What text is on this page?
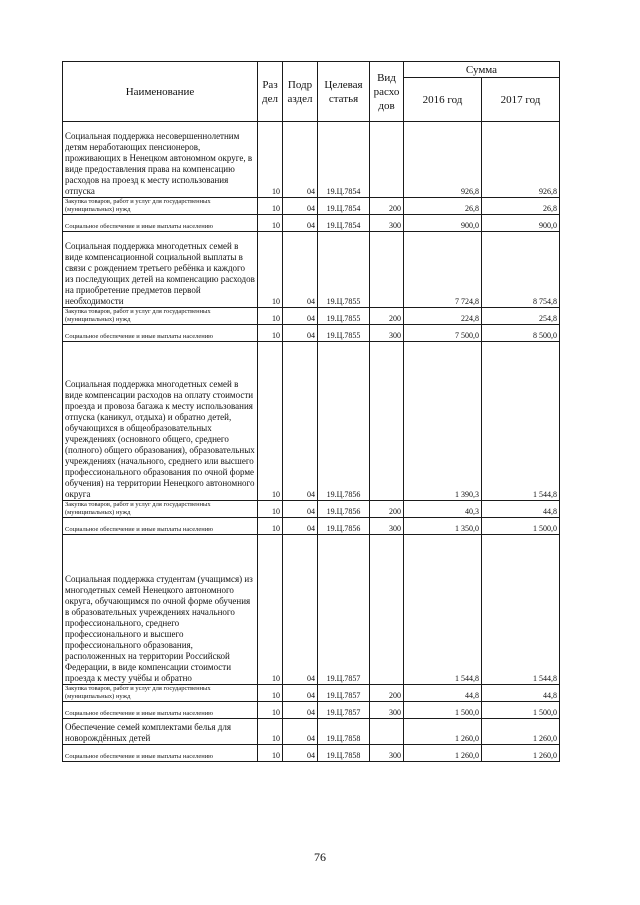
Наименование	Раз дел	Подр аздел	Целевая статья	Вид расхо дов	Сумма	
					2016 год	2017 год
Социальная поддержка несовершеннолетним детям неработающих пенсионеров, проживающих в Ненецком автономном округе, в виде предоставления права на компенсацию расходов на проезд к месту использования отпуска	10	04	19.Ц.7854		926,8	926,8
Закупка товаров, работ и услуг для государственных (муниципальных) нужд	10	04	19.Ц.7854	200	26,8	26,8
Социальное обеспечение и иные выплаты населению	10	04	19.Ц.7854	300	900,0	900,0
Социальная поддержка многодетных семей в виде компенсационной социальной выплаты в связи с рождением третьего ребёнка и каждого из последующих детей на компенсацию расходов на приобретение предметов первой необходимости	10	04	19.Ц.7855		7 724,8	8 754,8
Закупка товаров, работ и услуг для государственных (муниципальных) нужд	10	04	19.Ц.7855	200	224,8	254,8
Социальное обеспечение и иные выплаты населению	10	04	19.Ц.7855	300	7 500,0	8 500,0
Социальная поддержка многодетных семей в виде компенсации расходов на оплату стоимости проезда и провоза багажа к месту использования отпуска (каникул, отдыха) и обратно детей, обучающихся в общеобразовательных учреждениях (основного общего, среднего (полного) общего образования), образовательных учреждениях (начального, среднего или высшего профессионального образования по очной форме обучения) на территории Ненецкого автономного округа	10	04	19.Ц.7856		1 390,3	1 544,8
Закупка товаров, работ и услуг для государственных (муниципальных) нужд	10	04	19.Ц.7856	200	40,3	44,8
Социальное обеспечение и иные выплаты населению	10	04	19.Ц.7856	300	1 350,0	1 500,0
Социальная поддержка студентам (учащимся) из многодетных семей Ненецкого автономного округа, обучающимся по очной форме обучения в образовательных учреждениях начального профессионального, среднего профессионального и высшего профессионального образования, расположенных на территории Российской Федерации, в виде компенсации стоимости проезда к месту учёбы и обратно	10	04	19.Ц.7857		1 544,8	1 544,8
Закупка товаров, работ и услуг для государственных (муниципальных) нужд	10	04	19.Ц.7857	200	44,8	44,8
Социальное обеспечение и иные выплаты населению	10	04	19.Ц.7857	300	1 500,0	1 500,0
Обеспечение семей комплектами белья для новорождённых детей	10	04	19.Ц.7858		1 260,0	1 260,0
Социальное обеспечение и иные выплаты населению	10	04	19.Ц.7858	300	1 260,0	1 260,0
76
